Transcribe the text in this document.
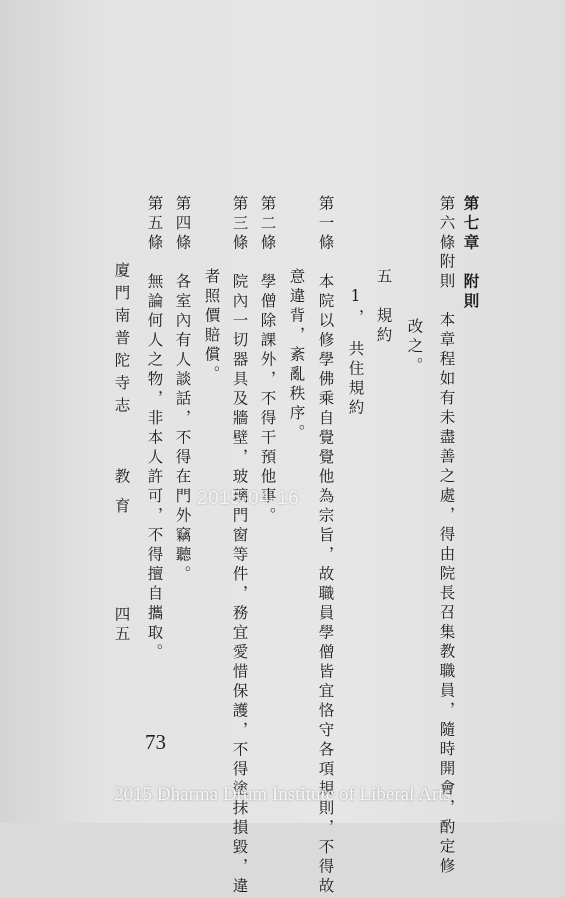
第六條
附則　本章程如有未盡善之處，得由院長召集教職員，隨時開會，酌定修
改之。
第七章　附則
五　規約
1，　共住規約
第一條　本院以修學佛乘自覺覺他為宗旨，故職員學僧皆宜恪守各項規則，不得故
意違背，紊亂秩序。
第二條　學僧除課外，不得干預他事。
第三條　院內一切器具及牆壁，玻璃門窗等件，務宜愛惜保護，不得塗抹損毀，違
者照價賠償。
第四條　各室內有人談話，不得在門外竊聽。
第五條　無論何人之物，非本人許可，不得擅自攜取。
廈門南普陀寺志
教育
四五
2015-04-16
73
2015 Dharma Drum Institute of Liberal Arts
